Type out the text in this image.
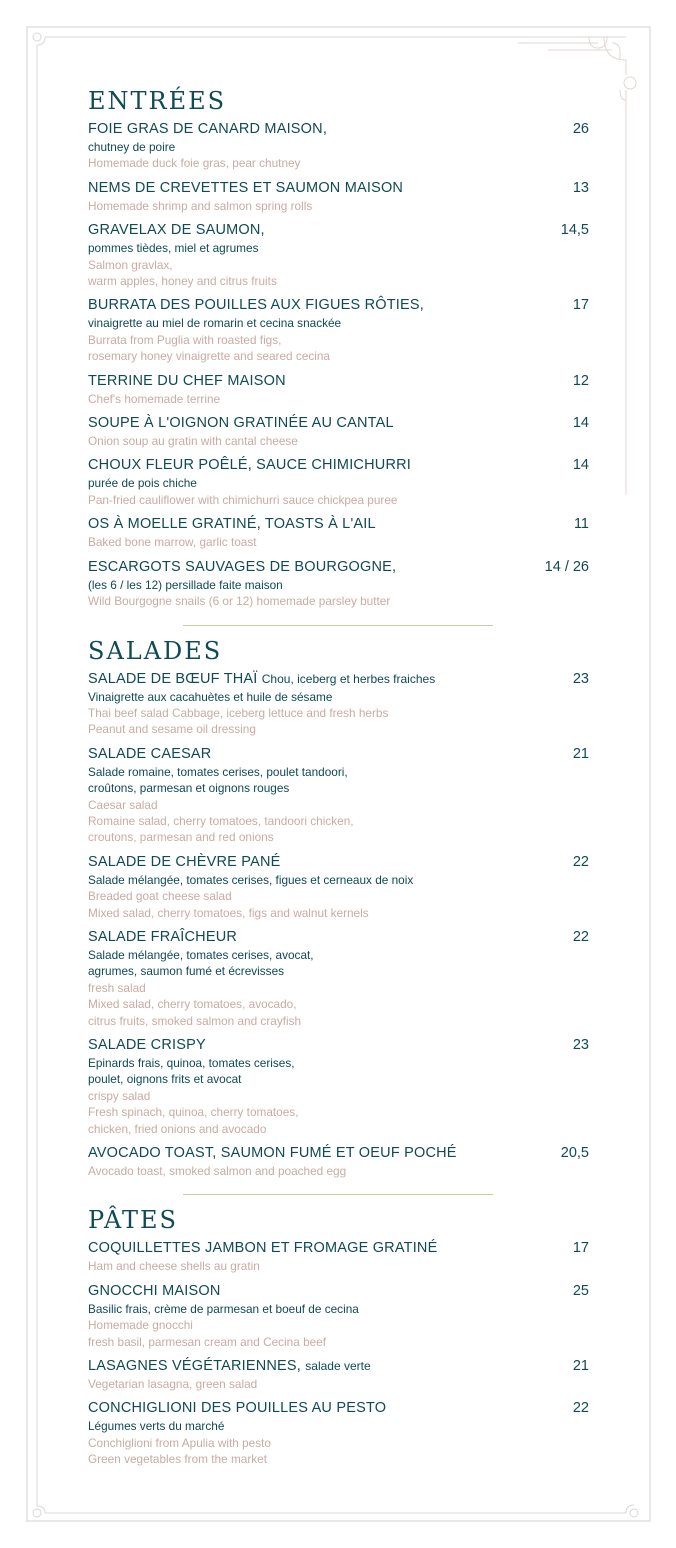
ENTRÉES
FOIE GRAS DE CANARD MAISON,	26
chutney de poire
Homemade duck foie gras, pear chutney
NEMS DE CREVETTES ET SAUMON MAISON	13
Homemade shrimp and salmon spring rolls
GRAVELAX DE SAUMON,	14,5
pommes tièdes, miel et agrumes
Salmon gravlax,
warm apples, honey and citrus fruits
BURRATA DES POUILLES AUX FIGUES RÔTIES,	17
vinaigrette au miel de romarin et cecina snackée
Burrata from Puglia with roasted figs,
rosemary honey vinaigrette and seared cecina
TERRINE DU CHEF MAISON	12
Chef's homemade terrine
SOUPE À L'OIGNON GRATINÉE AU CANTAL	14
Onion soup au gratin with cantal cheese
CHOUX FLEUR POÊLÉ, SAUCE CHIMICHURRI	14
purée de pois chiche
Pan-fried cauliflower with chimichurri sauce chickpea puree
OS À MOELLE GRATINÉ, TOASTS À L'AIL	11
Baked bone marrow, garlic toast
ESCARGOTS SAUVAGES DE BOURGOGNE,	14 / 26
(les 6 / les 12) persillade faite maison
Wild Bourgogne snails (6 or 12) homemade parsley butter
SALADES
SALADE DE BŒUF THAÏ Chou, iceberg et herbes fraiches	23
Vinaigrette aux cacahuètes et huile de sésame
Thai beef salad Cabbage, iceberg lettuce and fresh herbs
Peanut and sesame oil dressing
SALADE CAESAR	21
Salade romaine, tomates cerises, poulet tandoori,
croûtons, parmesan et oignons rouges
Caesar salad
Romaine salad, cherry tomatoes, tandoori chicken,
croutons, parmesan and red onions
SALADE DE CHÈVRE PANÉ	22
Salade mélangée, tomates cerises, figues et cerneaux de noix
Breaded goat cheese salad
Mixed salad, cherry tomatoes, figs and walnut kernels
SALADE FRAÎCHEUR	22
Salade mélangée, tomates cerises, avocat,
agrumes, saumon fumé et écrevisses
fresh salad
Mixed salad, cherry tomatoes, avocado,
citrus fruits, smoked salmon and crayfish
SALADE CRISPY	23
Epinards frais, quinoa, tomates cerises,
poulet, oignons frits et avocat
crispy salad
Fresh spinach, quinoa, cherry tomatoes,
chicken, fried onions and avocado
AVOCADO TOAST, SAUMON FUMÉ ET OEUF POCHÉ	20,5
Avocado toast, smoked salmon and poached egg
PÂTES
COQUILLETTES JAMBON ET FROMAGE GRATINÉ	17
Ham and cheese shells au gratin
GNOCCHI MAISON	25
Basilic frais, crème de parmesan et boeuf de cecina
Homemade gnocchi
fresh basil, parmesan cream and Cecina beef
LASAGNES VÉGÉTARIENNES, salade verte	21
Vegetarian lasagna, green salad
CONCHIGLIONI DES POUILLES AU PESTO	22
Légumes verts du marché
Conchiglioni from Apulia with pesto
Green vegetables from the market
